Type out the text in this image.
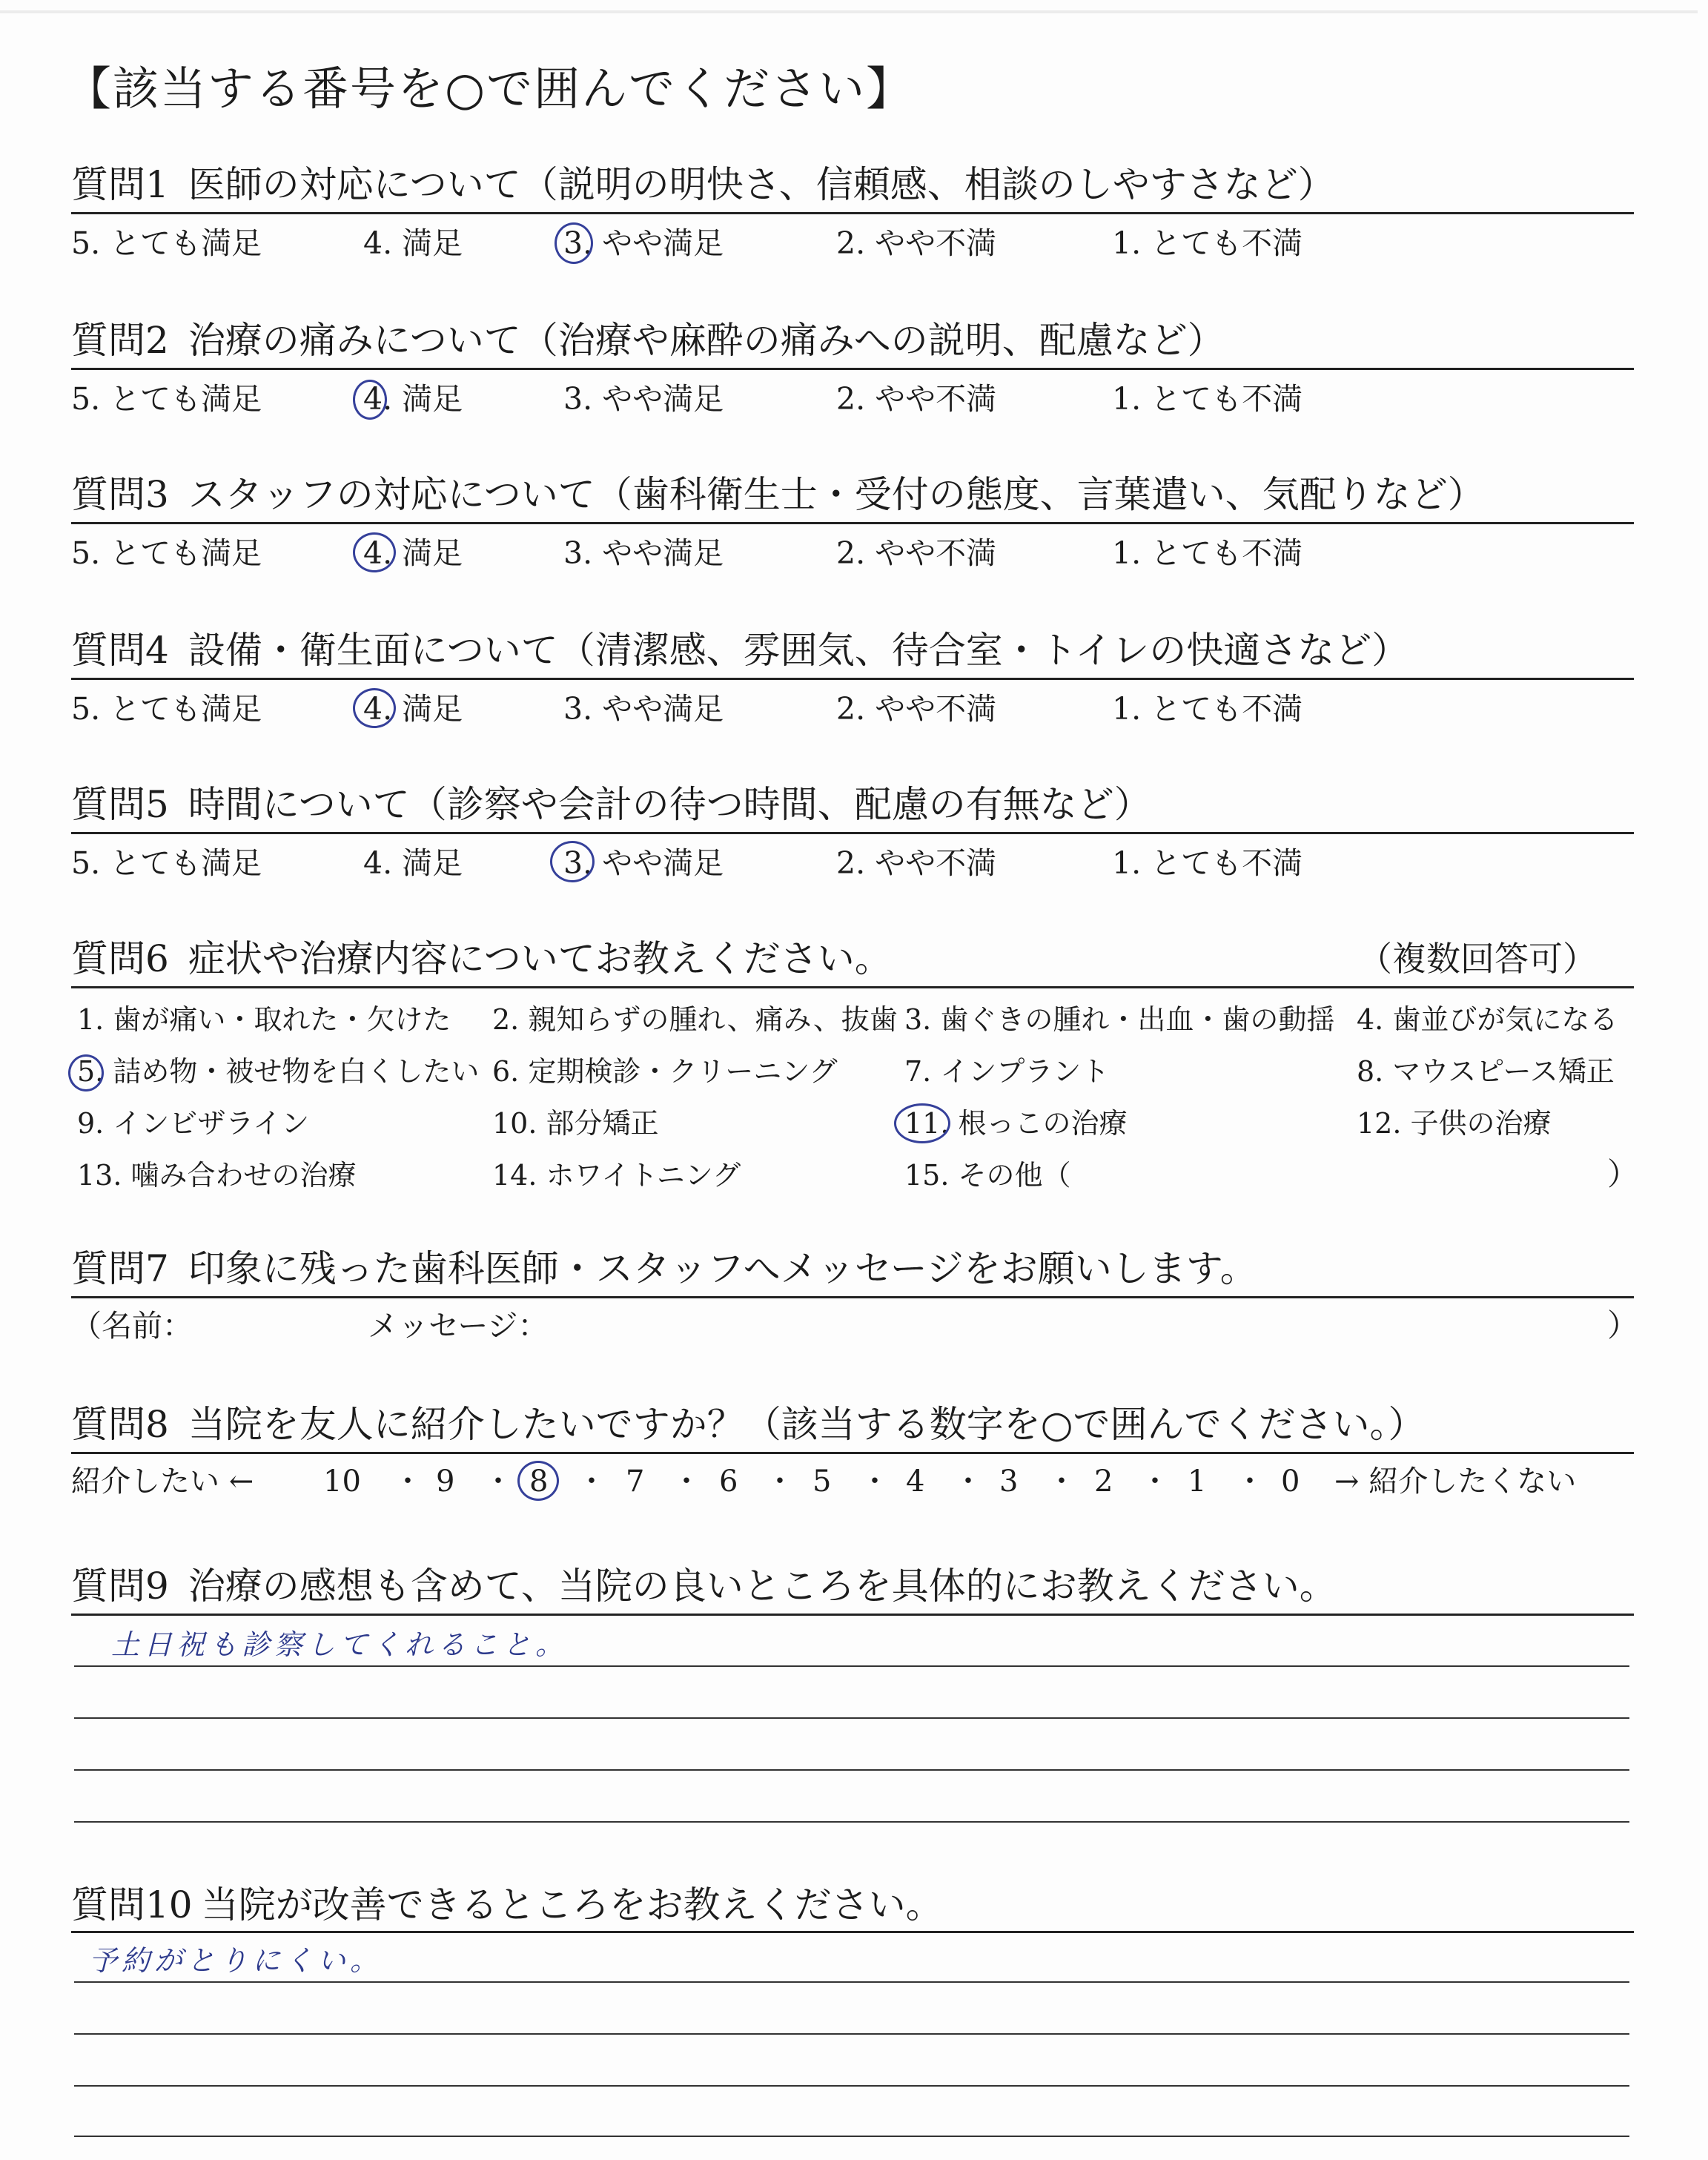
【該当する番号を○で囲んでください】
質問1 医師の対応について（説明の明快さ、信頼感、相談のしやすさなど）
5. とても満足	4. 満足	3. やや満足	2. やや不満	1. とても不満
質問2 治療の痛みについて（治療や麻酔の痛みへの説明、配慮など）
5. とても満足	4. 満足	3. やや満足	2. やや不満	1. とても不満
質問3 スタッフの対応について（歯科衛生士・受付の態度、言葉遣い、気配りなど）
5. とても満足	4. 満足	3. やや満足	2. やや不満	1. とても不満
質問4 設備・衛生面について（清潔感、雰囲気、待合室・トイレの快適さなど）
5. とても満足	4. 満足	3. やや満足	2. やや不満	1. とても不満
質問5 時間について（診察や会計の待つ時間、配慮の有無など）
5. とても満足	4. 満足	3. やや満足	2. やや不満	1. とても不満
質問6 症状や治療内容についてお教えください。	（複数回答可）
1. 歯が痛い・取れた・欠けた 2. 親知らずの腫れ、痛み、抜歯 3. 歯ぐきの腫れ・出血・歯の動揺 4. 歯並びが気になる
5. 詰め物・被せ物を白くしたい 6. 定期検診・クリーニング 7. インプラント	8. マウスピース矯正
9. インビザライン	10. 部分矯正	11. 根っこの治療	12. 子供の治療
13. 噛み合わせの治療	14. ホワイトニング	15. その他（	）
質問7 印象に残った歯科医師・スタッフへメッセージをお願いします。
（名前：	メッセージ：	）
質問8 当院を友人に紹介したいですか？（該当する数字を○で囲んでください。）
紹介したい ← 10 ・ 9 ・ 8 ・ 7 ・ 6 ・ 5 ・ 4 ・ 3 ・ 2 ・ 1 ・ 0 → 紹介したくない
質問9 治療の感想も含めて、当院の良いところを具体的にお教えください。
土日祝も診察してくれること。
質問10 当院が改善できるところをお教えください。
予約がとりにくい。
